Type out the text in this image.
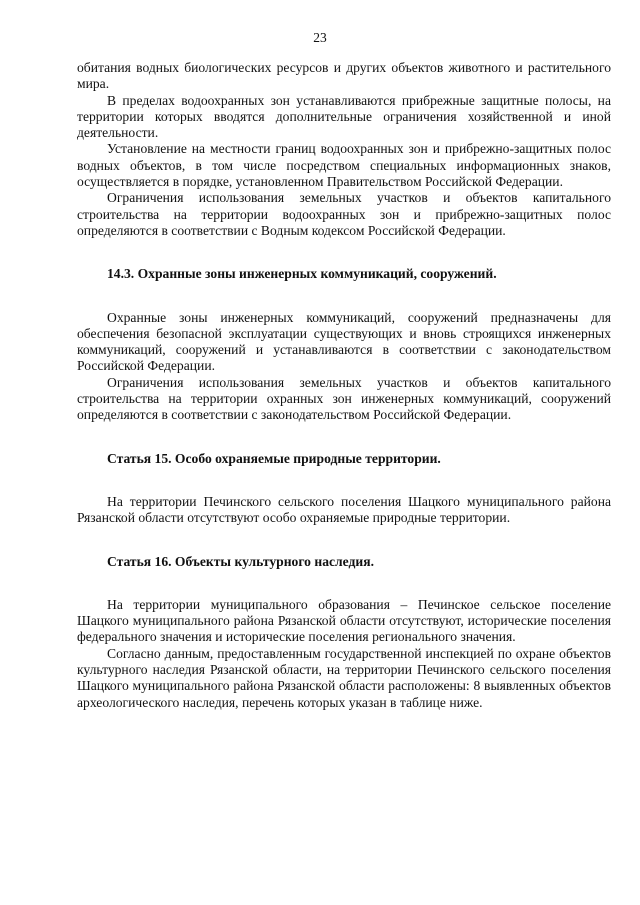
23

обитания водных биологических ресурсов и других объектов животного и растительного мира.

В пределах водоохранных зон устанавливаются прибрежные защитные полосы, на территории которых вводятся дополнительные ограничения хозяйственной и иной деятельности.

Установление на местности границ водоохранных зон и прибрежно-защитных полос водных объектов, в том числе посредством специальных информационных знаков, осуществляется в порядке, установленном Правительством Российской Федерации.

Ограничения использования земельных участков и объектов капитального строительства на территории водоохранных зон и прибрежно-защитных полос определяются в соответствии с Водным кодексом Российской Федерации.

14.3. Охранные зоны инженерных коммуникаций, сооружений.

Охранные зоны инженерных коммуникаций, сооружений предназначены для обеспечения безопасной эксплуатации существующих и вновь строящихся инженерных коммуникаций, сооружений и устанавливаются в соответствии с законодательством Российской Федерации.

Ограничения использования земельных участков и объектов капитального строительства на территории охранных зон инженерных коммуникаций, сооружений определяются в соответствии с законодательством Российской Федерации.

Статья 15. Особо охраняемые природные территории.

На территории Печинского сельского поселения Шацкого муниципального района Рязанской области отсутствуют особо охраняемые природные территории.

Статья 16. Объекты культурного наследия.

На территории муниципального образования – Печинское сельское поселение Шацкого муниципального района Рязанской области отсутствуют, исторические поселения федерального значения и исторические поселения регионального значения.

Согласно данным, предоставленным государственной инспекцией по охране объектов культурного наследия Рязанской области, на территории Печинского сельского поселения Шацкого муниципального района Рязанской области расположены: 8 выявленных объектов археологического наследия, перечень которых указан в таблице ниже.
